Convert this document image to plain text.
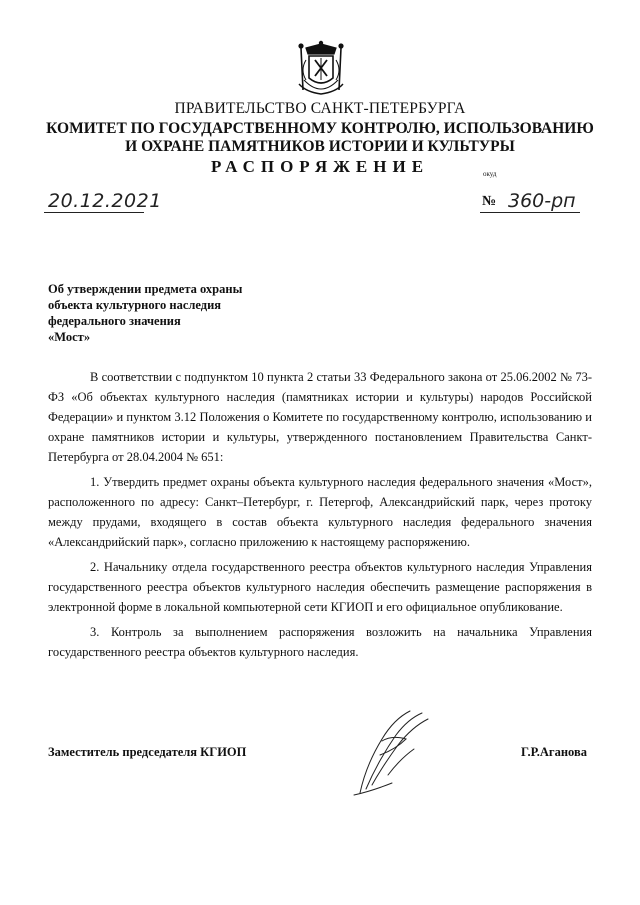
ПРАВИТЕЛЬСТВО САНКТ-ПЕТЕРБУРГА
КОМИТЕТ ПО ГОСУДАРСТВЕННОМУ КОНТРОЛЮ, ИСПОЛЬЗОВАНИЮ
И ОХРАНЕ ПАМЯТНИКОВ ИСТОРИИ И КУЛЬТУРЫ
РАСПОРЯЖЕНИЕ	окуд
20.12.2021	№ 360-рп
Об утверждении предмета охраны
объекта культурного наследия
федерального значения
«Мост»

В соответствии с подпунктом 10 пункта 2 статьи 33 Федерального закона от 25.06.2002 № 73-ФЗ «Об объектах культурного наследия (памятниках истории и культуры) народов Российской Федерации» и пунктом 3.12 Положения о Комитете по государственному контролю, использованию и охране памятников истории и культуры, утвержденного постановлением Правительства Санкт-Петербурга от 28.04.2004 № 651:

1. Утвердить предмет охраны объекта культурного наследия федерального значения «Мост», расположенного по адресу: Санкт–Петербург, г. Петергоф, Александрийский парк, через протоку между прудами, входящего в состав объекта культурного наследия федерального значения «Александрийский парк», согласно приложению к настоящему распоряжению.

2. Начальнику отдела государственного реестра объектов культурного наследия Управления государственного реестра объектов культурного наследия обеспечить размещение распоряжения в электронной форме в локальной компьютерной сети КГИОП и его официальное опубликование.

3. Контроль за выполнением распоряжения возложить на начальника Управления государственного реестра объектов культурного наследия.

Заместитель председателя КГИОП	Г.Р.Аганова
